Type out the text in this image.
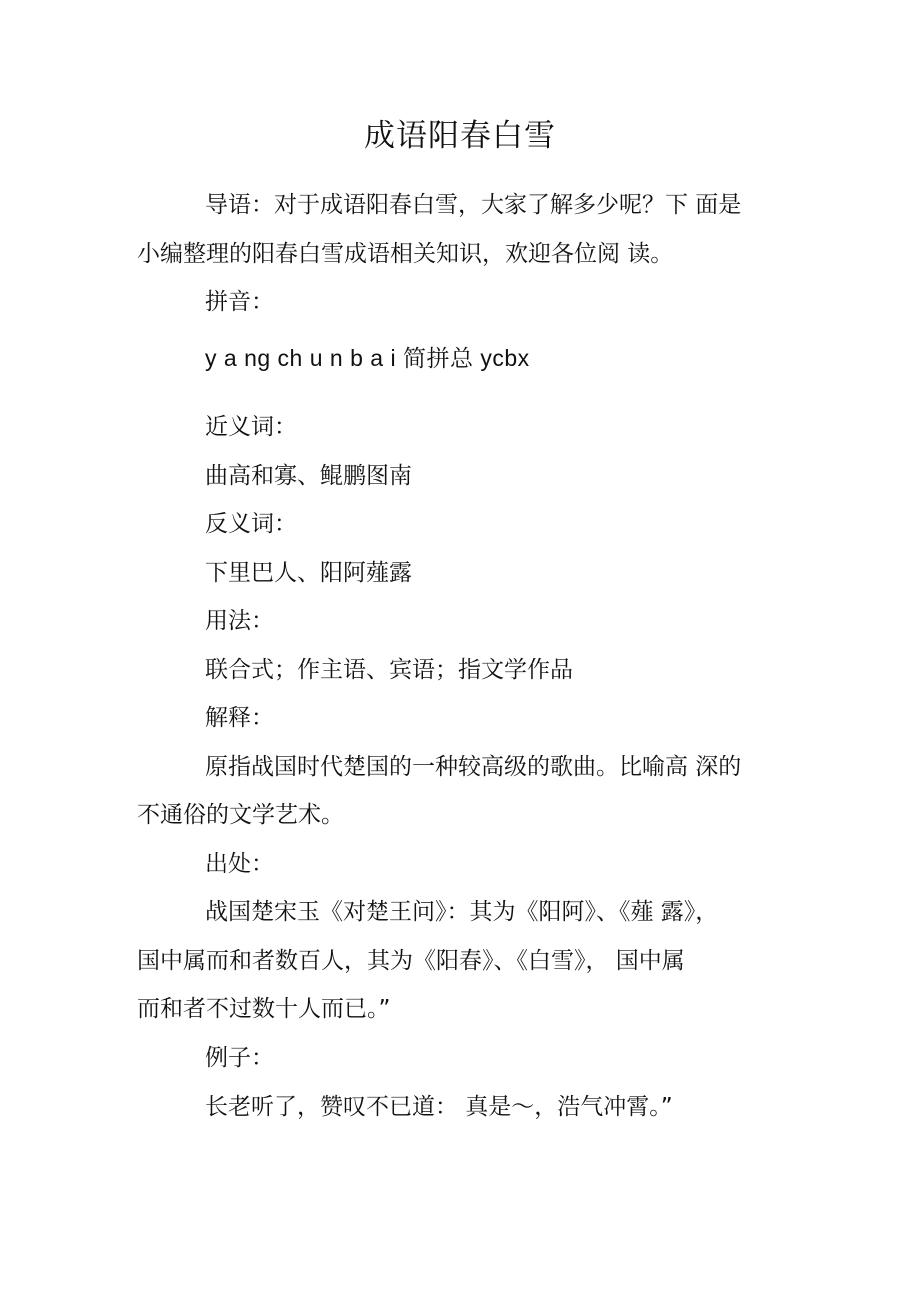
成语阳春白雪
导语：对于成语阳春白雪，大家了解多少呢？下 面是
小编整理的阳春白雪成语相关知识，欢迎各位阅 读。
拼音：
y a ng ch u n b a i 简拼总 ycbx
近义词：
曲高和寡、鲲鹏图南
反义词：
下里巴人、阳阿薤露
用法：
联合式；作主语、宾语；指文学作品
解释：
原指战国时代楚国的一种较高级的歌曲。比喻高 深的
不通俗的文学艺术。
出处：
战国楚宋玉《对楚王问》：其为《阳阿》、《薤 露》，
国中属而和者数百人，其为《阳春》、《白雪》， 国中属
而和者不过数十人而已。”
例子：
长老听了，赞叹不已道： 真是～，浩气冲霄。”
